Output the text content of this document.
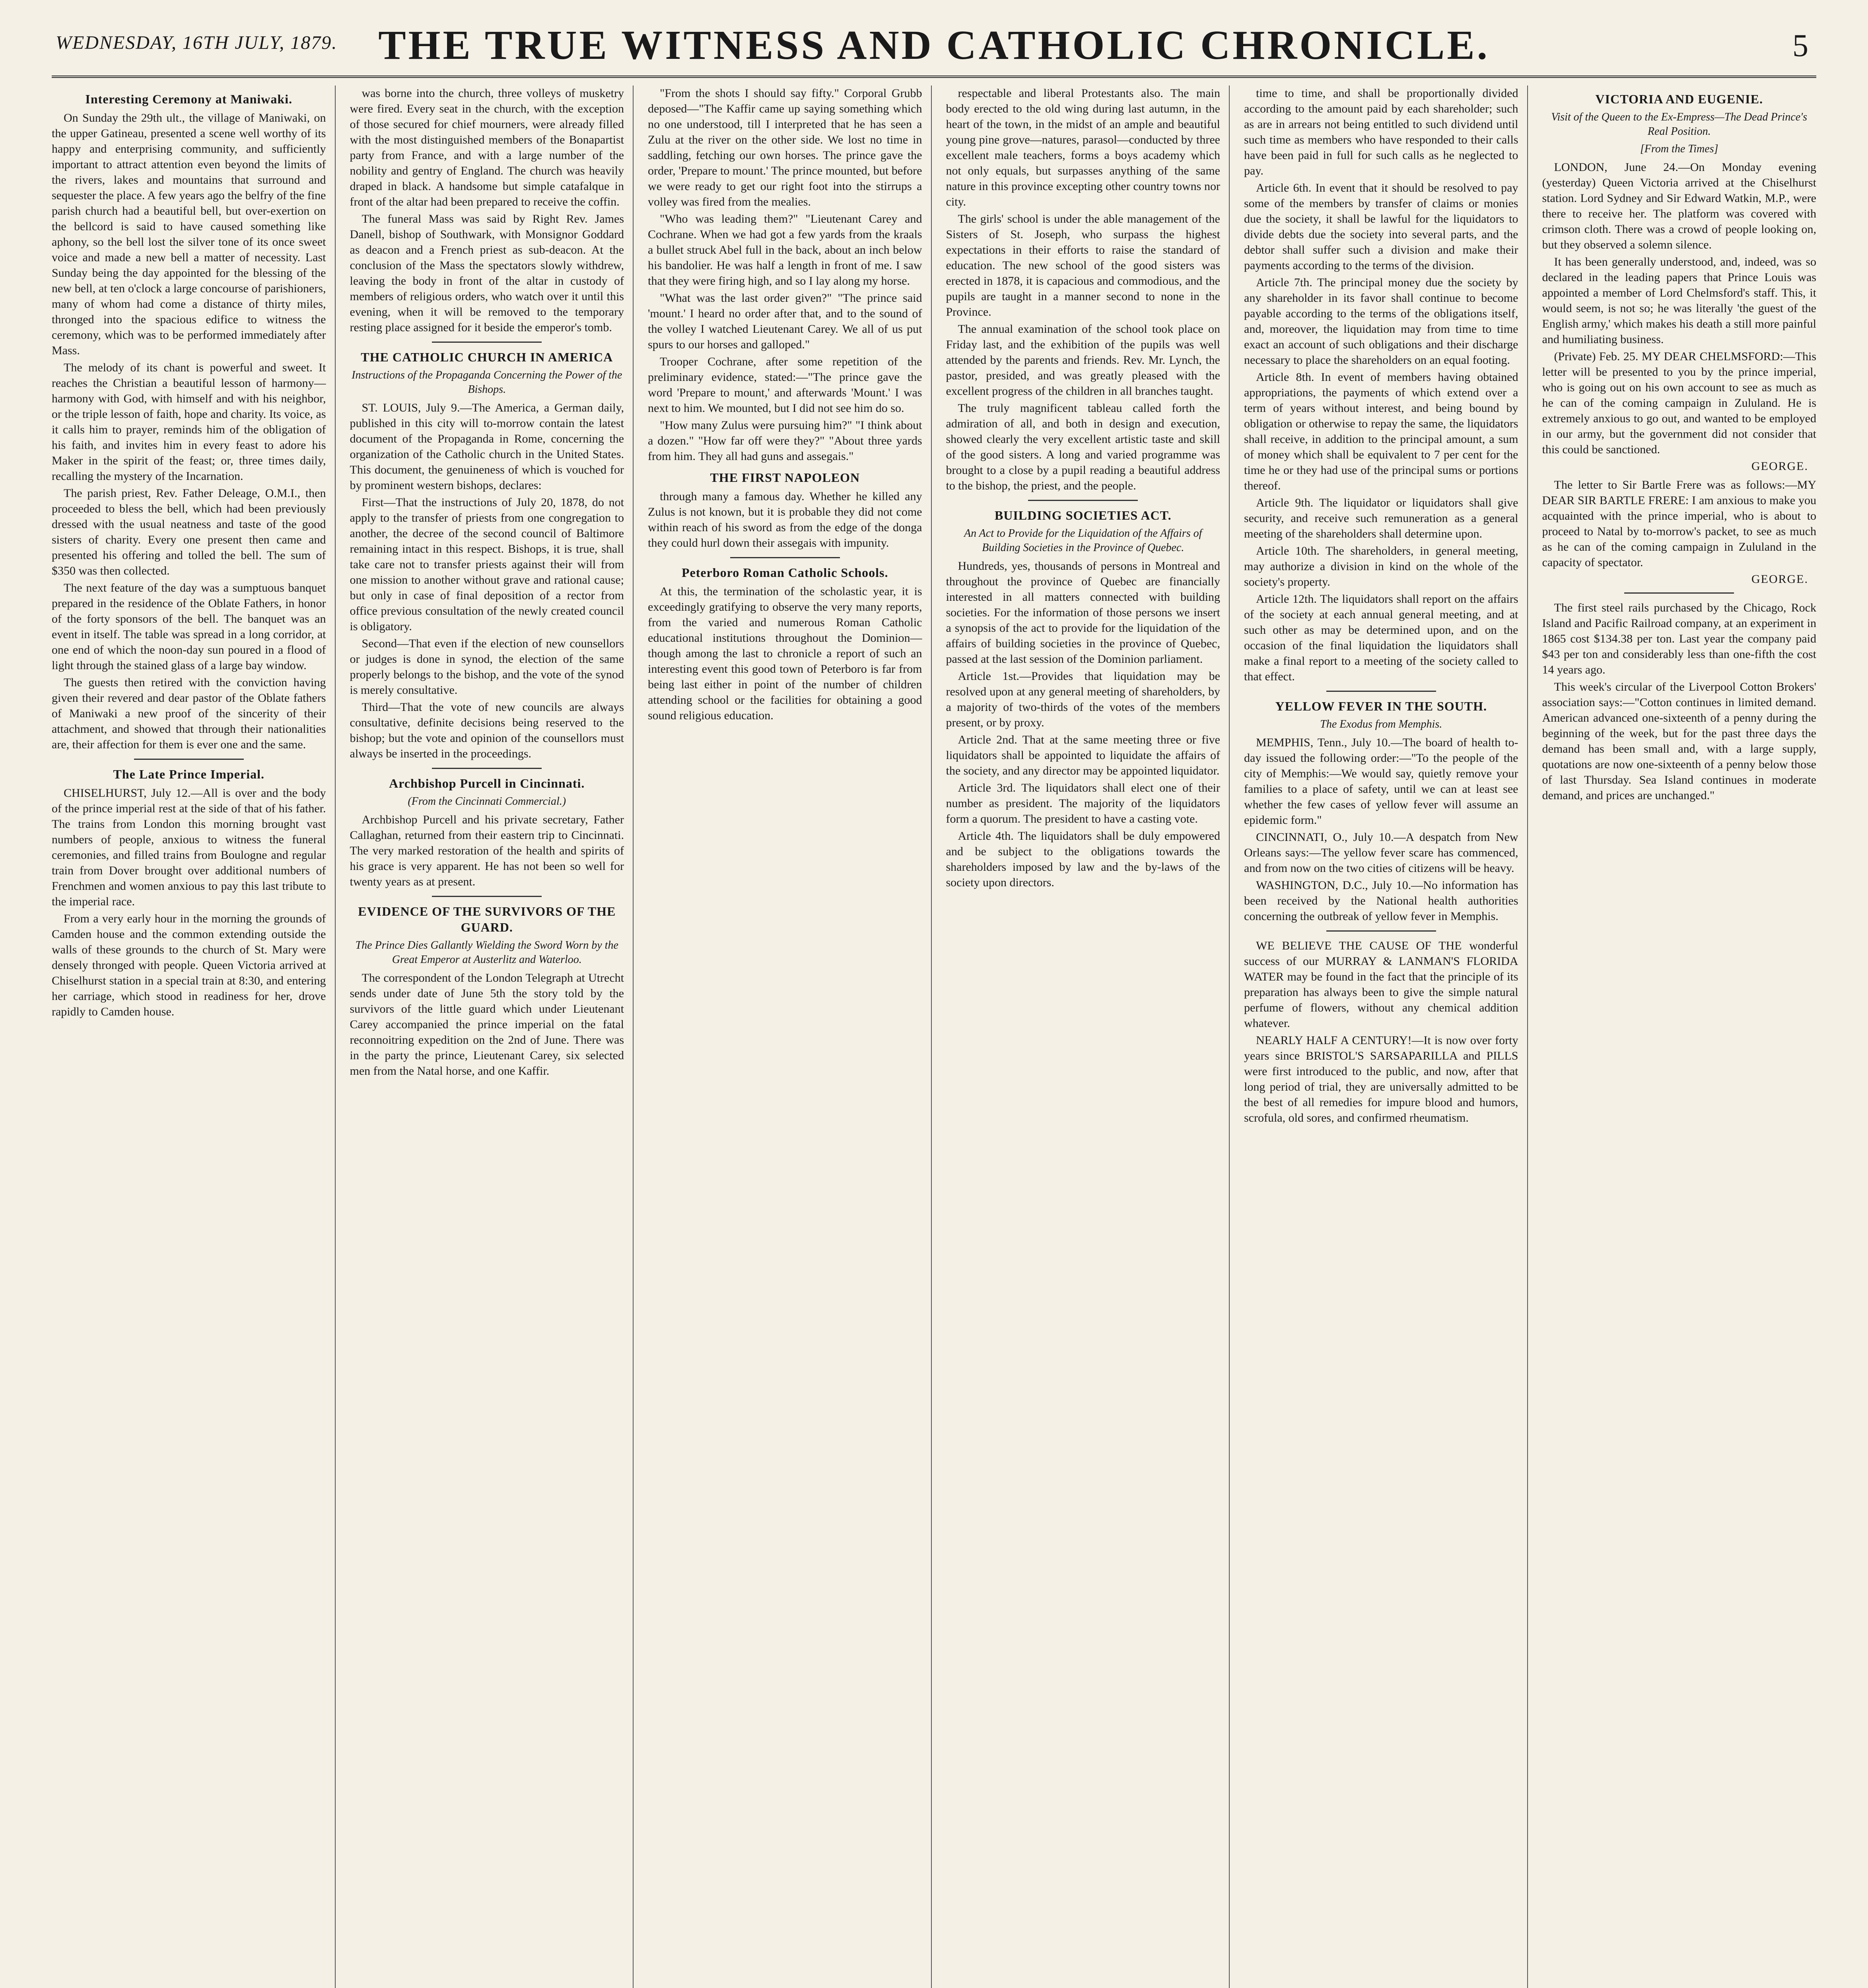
WEDNESDAY, 16TH JULY, 1879. THE TRUE WITNESS AND CATHOLIC CHRONICLE.	5
Interesting Ceremony at Maniwaki.

On Sunday the 29th ult., the village of Maniwaki, on the upper Gatineau, presented a scene well worthy of its happy and enterprising community, and sufficiently important to attract attention even beyond the limits of the rivers, lakes and mountains that surround and sequester the place. A few years ago the belfry of the fine parish church had a beautiful bell, but over-exertion on the bellcord is said to have caused something like aphony, so the bell lost the silver tone of its once sweet voice and made a new bell a matter of necessity. Last Sunday being the day appointed for the blessing of the new bell, at ten o'clock a large concourse of parishioners, many of whom had come a distance of thirty miles, thronged into the spacious edifice to witness the ceremony, which was to be performed immediately after Mass.

The melody of its chant is powerful and sweet. It reaches the Christian a beautiful lesson of harmony—harmony with God, with himself and with his neighbor, or the triple lesson of faith, hope and charity. Its voice, as it calls him to prayer, reminds him of the obligation of his faith, and invites him in every feast to adore his Maker in the spirit of the feast; or, three times daily, recalling the mystery of the Incarnation.

The parish priest, Rev. Father Deleage, O.M.I., then proceeded to bless the bell, which had been previously dressed with the usual neatness and taste of the good sisters of charity. Every one present then came and presented his offering and tolled the bell. The sum of $350 was then collected.

The next feature of the day was a sumptuous banquet prepared in the residence of the Oblate Fathers, in honor of the forty sponsors of the bell. The banquet was an event in itself. The table was spread in a long corridor, at one end of which the noon-day sun poured in a flood of light through the stained glass of a large bay window.

The guests then retired with the conviction having given their revered and dear pastor of the Oblate fathers of Maniwaki a new proof of the sincerity of their attachment, and showed that through their nationalities are, their affection for them is ever one and the same.

The Late Prince Imperial.

CHISELHURST, July 12.—All is over and the body of the prince imperial rest at the side of that of his father. The trains from London this morning brought vast numbers of people, anxious to witness the funeral ceremonies, and filled trains from Boulogne and regular train from Dover brought over additional numbers of Frenchmen and women anxious to pay this last tribute to the imperial race.

From a very early hour in the morning the grounds of Camden house and the common extending outside the walls of these grounds to the church of St. Mary were densely thronged with people. Queen Victoria arrived at Chiselhurst station in a special train at 8:30, and entering her carriage, which stood in readiness for her, drove rapidly to Camden house.

was borne into the church, three volleys of musketry were fired. Every seat in the church, with the exception of those secured for chief mourners, were already filled with the most distinguished members of the Bonapartist party from France, and with a large number of the nobility and gentry of England. The church was heavily draped in black. A handsome but simple catafalque in front of the altar had been prepared to receive the coffin.

The funeral Mass was said by Right Rev. James Danell, bishop of Southwark, with Monsignor Goddard as deacon and a French priest as sub-deacon. At the conclusion of the Mass the spectators slowly withdrew, leaving the body in front of the altar in custody of members of religious orders, who watch over it until this evening, when it will be removed to the temporary resting place assigned for it beside the emperor's tomb.

THE CATHOLIC CHURCH IN AMERICA
Instructions of the Propaganda Concerning the Power of the Bishops.

ST. LOUIS, July 9.—The America, a German daily, published in this city will to-morrow contain the latest document of the Propaganda in Rome, concerning the organization of the Catholic church in the United States. This document, the genuineness of which is vouched for by prominent western bishops, declares:

First—That the instructions of July 20, 1878, do not apply to the transfer of priests from one congregation to another, the decree of the second council of Baltimore remaining intact in this respect. Bishops, it is true, shall take care not to transfer priests against their will from one mission to another without grave and rational cause; but only in case of final deposition of a rector from office previous consultation of the newly created council is obligatory.

Second—That even if the election of new counsellors or judges is done in synod, the election of the same properly belongs to the bishop, and the vote of the synod is merely consultative.

Third—That the vote of new councils are always consultative, definite decisions being reserved to the bishop; but the vote and opinion of the counsellors must always be inserted in the proceedings.

Archbishop Purcell in Cincinnati.
(From the Cincinnati Commercial.)

Archbishop Purcell and his private secretary, Father Callaghan, returned from their eastern trip to Cincinnati. The very marked restoration of the health and spirits of his grace is very apparent. He has not been so well for twenty years as at present.

EVIDENCE OF THE SURVIVORS OF THE GUARD.
The Prince Dies Gallantly Wielding the Sword Worn by the Great Emperor at Austerlitz and Waterloo.

The correspondent of the London Telegraph at Utrecht sends under date of June 5th the story told by the survivors of the little guard which under Lieutenant Carey accompanied the prince imperial on the fatal reconnoitring expedition on the 2nd of June. There was in the party the prince, Lieutenant Carey, six selected men from the Natal horse, and one Kaffir.

"From the shots I should say fifty." Corporal Grubb deposed—"The Kaffir came up saying something which no one understood, till I interpreted that he has seen a Zulu at the river on the other side. We lost no time in saddling, fetching our own horses. The prince gave the order, 'Prepare to mount.' The prince mounted, but before we were ready to get our right foot into the stirrups a volley was fired from the mealies.

"Who was leading them?" "Lieutenant Carey and Cochrane. When we had got a few yards from the kraals a bullet struck Abel full in the back, about an inch below his bandolier. He was half a length in front of me. I saw that they were firing high, and so I lay along my horse.

"What was the last order given?" "The prince said 'mount.' I heard no order after that, and to the sound of the volley I watched Lieutenant Carey. We all of us put spurs to our horses and galloped."

Trooper Cochrane, after some repetition of the preliminary evidence, stated:—"The prince gave the word 'Prepare to mount,' and afterwards 'Mount.' I was next to him. We mounted, but I did not see him do so.

"How many Zulus were pursuing him?" "I think about a dozen." "How far off were they?" "About three yards from him. They all had guns and assegais."

THE FIRST NAPOLEON

through many a famous day. Whether he killed any Zulus is not known, but it is probable they did not come within reach of his sword as from the edge of the donga they could hurl down their assegais with impunity.

Peterboro Roman Catholic Schools.

At this, the termination of the scholastic year, it is exceedingly gratifying to observe the very many reports, from the varied and numerous Roman Catholic educational institutions throughout the Dominion—though among the last to chronicle a report of such an interesting event this good town of Peterboro is far from being last either in point of the number of children attending school or the facilities for obtaining a good sound religious education.

respectable and liberal Protestants also. The main body erected to the old wing during last autumn, in the heart of the town, in the midst of an ample and beautiful young pine grove—natures, parasol—conducted by three excellent male teachers, forms a boys academy which not only equals, but surpasses anything of the same nature in this province excepting other country towns nor city.

The girls' school is under the able management of the Sisters of St. Joseph, who surpass the highest expectations in their efforts to raise the standard of education. The new school of the good sisters was erected in 1878, it is capacious and commodious, and the pupils are taught in a manner second to none in the Province.

The annual examination of the school took place on Friday last, and the exhibition of the pupils was well attended by the parents and friends. Rev. Mr. Lynch, the pastor, presided, and was greatly pleased with the excellent progress of the children in all branches taught.

The truly magnificent tableau called forth the admiration of all, and both in design and execution, showed clearly the very excellent artistic taste and skill of the good sisters. A long and varied programme was brought to a close by a pupil reading a beautiful address to the bishop, the priest, and the people.

BUILDING SOCIETIES ACT.
An Act to Provide for the Liquidation of the Affairs of Building Societies in the Province of Quebec.

Hundreds, yes, thousands of persons in Montreal and throughout the province of Quebec are financially interested in all matters connected with building societies. For the information of those persons we insert a synopsis of the act to provide for the liquidation of the affairs of building societies in the province of Quebec, passed at the last session of the Dominion parliament.

Article 1st.—Provides that liquidation may be resolved upon at any general meeting of shareholders, by a majority of two-thirds of the votes of the members present, or by proxy.

Article 2nd. That at the same meeting three or five liquidators shall be appointed to liquidate the affairs of the society, and any director may be appointed liquidator.

Article 3rd. The liquidators shall elect one of their number as president. The majority of the liquidators form a quorum. The president to have a casting vote.

Article 4th. The liquidators shall be duly empowered and be subject to the obligations towards the shareholders imposed by law and the by-laws of the society upon directors.

time to time, and shall be proportionally divided according to the amount paid by each shareholder; such as are in arrears not being entitled to such dividend until such time as members who have responded to their calls have been paid in full for such calls as he neglected to pay.

Article 6th. In event that it should be resolved to pay some of the members by transfer of claims or monies due the society, it shall be lawful for the liquidators to divide debts due the society into several parts, and the debtor shall suffer such a division and make their payments according to the terms of the division.

Article 7th. The principal money due the society by any shareholder in its favor shall continue to become payable according to the terms of the obligations itself, and, moreover, the liquidation may from time to time exact an account of such obligations and their discharge necessary to place the shareholders on an equal footing.

Article 8th. In event of members having obtained appropriations, the payments of which extend over a term of years without interest, and being bound by obligation or otherwise to repay the same, the liquidators shall receive, in addition to the principal amount, a sum of money which shall be equivalent to 7 per cent for the time he or they had use of the principal sums or portions thereof.

Article 9th. The liquidator or liquidators shall give security, and receive such remuneration as a general meeting of the shareholders shall determine upon.

Article 10th. The shareholders, in general meeting, may authorize a division in kind on the whole of the society's property.

Article 12th. The liquidators shall report on the affairs of the society at each annual general meeting, and at such other as may be determined upon, and on the occasion of the final liquidation the liquidators shall make a final report to a meeting of the society called to that effect.

YELLOW FEVER IN THE SOUTH.
The Exodus from Memphis.

MEMPHIS, Tenn., July 10.—The board of health to-day issued the following order:—"To the people of the city of Memphis:—We would say, quietly remove your families to a place of safety, until we can at least see whether the few cases of yellow fever will assume an epidemic form."

CINCINNATI, O., July 10.—A despatch from New Orleans says:—The yellow fever scare has commenced, and from now on the two cities of citizens will be heavy.

WASHINGTON, D.C., July 10.—No information has been received by the National health authorities concerning the outbreak of yellow fever in Memphis.

WE BELIEVE THE CAUSE OF THE wonderful success of our MURRAY & LANMAN'S FLORIDA WATER may be found in the fact that the principle of its preparation has always been to give the simple natural perfume of flowers, without any chemical addition whatever.

NEARLY HALF A CENTURY!—It is now over forty years since BRISTOL'S SARSAPARILLA and PILLS were first introduced to the public, and now, after that long period of trial, they are universally admitted to be the best of all remedies for impure blood and humors, scrofula, old sores, and confirmed rheumatism.

VICTORIA AND EUGENIE.
Visit of the Queen to the Ex-Empress—The Dead Prince's Real Position.
[From the Times]

LONDON, June 24.—On Monday evening (yesterday) Queen Victoria arrived at the Chiselhurst station. Lord Sydney and Sir Edward Watkin, M.P., were there to receive her. The platform was covered with crimson cloth. There was a crowd of people looking on, but they observed a solemn silence.

It has been generally understood, and, indeed, was so declared in the leading papers that Prince Louis was appointed a member of Lord Chelmsford's staff. This, it would seem, is not so; he was literally 'the guest of the English army,' which makes his death a still more painful and humiliating business.

(Private) Feb. 25. MY DEAR CHELMSFORD:—This letter will be presented to you by the prince imperial, who is going out on his own account to see as much as he can of the coming campaign in Zululand. He is extremely anxious to go out, and wanted to be employed in our army, but the government did not consider that this could be sanctioned.

GEORGE.

The letter to Sir Bartle Frere was as follows:—MY DEAR SIR BARTLE FRERE: I am anxious to make you acquainted with the prince imperial, who is about to proceed to Natal by to-morrow's packet, to see as much as he can of the coming campaign in Zululand in the capacity of spectator.

GEORGE.

The first steel rails purchased by the Chicago, Rock Island and Pacific Railroad company, at an experiment in 1865 cost $134.38 per ton. Last year the company paid $43 per ton and considerably less than one-fifth the cost 14 years ago.

This week's circular of the Liverpool Cotton Brokers' association says:—"Cotton continues in limited demand. American advanced one-sixteenth of a penny during the beginning of the week, but for the past three days the demand has been small and, with a large supply, quotations are now one-sixteenth of a penny below those of last Thursday. Sea Island continues in moderate demand, and prices are unchanged."
